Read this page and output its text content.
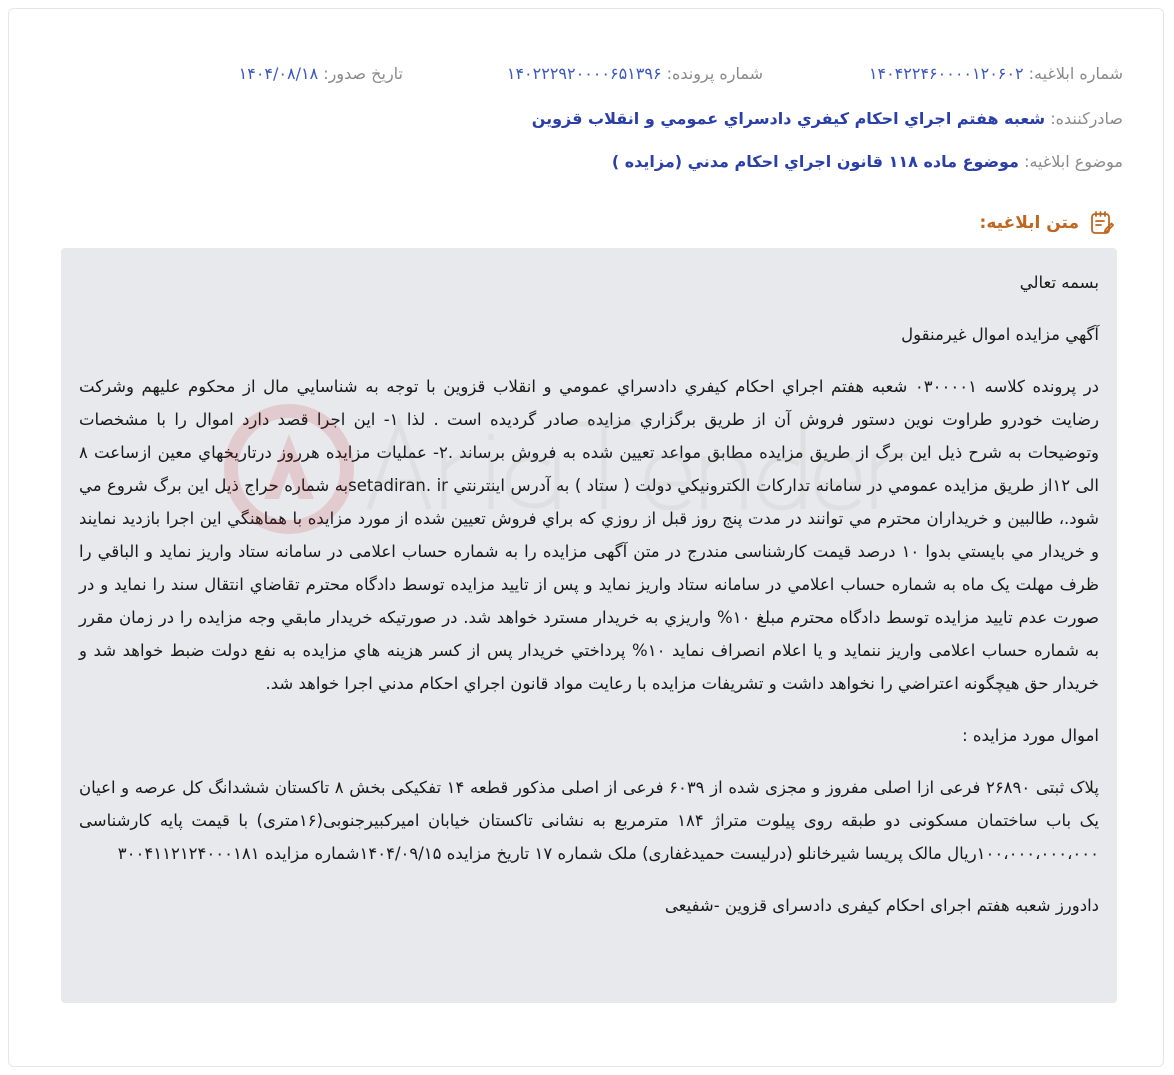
شماره ابلاغيه: ۱۴۰۴۲۲۴۶۰۰۰۰۱۲۰۶۰۲
شماره پرونده: ۱۴۰۲۲۲۹۲۰۰۰۰۶۵۱۳۹۶
تاريخ صدور: ۱۴۰۴/۰۸/۱۸
صادرکننده: شعبه هفتم اجراي احکام کيفري دادسراي عمومي و انقلاب قزوين
موضوع ابلاغيه: موضوع ماده ۱۱۸ قانون اجراي احکام مدني (مزايده )
متن ابلاغيه:

بسمه تعالي

آگهي مزايده اموال غيرمنقول

در پرونده کلاسه ۰۳۰۰۰۰۱ شعبه هفتم اجراي احکام کيفري دادسراي عمومي و انقلاب قزوين با توجه به شناسايي مال از محکوم عليهم وشرکت رضايت خودرو طراوت نوين دستور فروش آن از طريق برگزاري مزايده صادر گرديده است . لذا ۱- اين اجرا قصد دارد اموال را با مشخصات وتوضيحات به شرح ذيل اين برگ از طريق مزايده مطابق مواعد تعيين شده به فروش برساند .۲- عمليات مزايده هرروز درتاريخهاي معين ازساعت ۸ الی ۱۲از طريق مزايده عمومي در سامانه تدارکات الکترونيکي دولت ( ستاد ) به آدرس اينترنتي setadiran. irبه شماره حراج ذيل اين برگ شروع مي شود.، طالبين و خريداران محترم مي توانند در مدت پنج روز قبل از روزي که براي فروش تعيين شده از مورد مزايده با هماهنگي اين اجرا بازديد نمايند و خريدار مي بايستي بدوا ۱۰ درصد قيمت کارشناسی مندرج در متن آگهی مزايده را به شماره حساب اعلامی در سامانه ستاد واريز نمايد و الباقي را ظرف مهلت يک ماه به شماره حساب اعلامي در سامانه ستاد واريز نمايد و پس از تاييد مزايده توسط دادگاه محترم تقاضاي انتقال سند را نمايد و در صورت عدم تاييد مزايده توسط دادگاه محترم مبلغ ۱۰% واريزي به خريدار مسترد خواهد شد. در صورتيکه خريدار مابقي وجه مزايده را در زمان مقرر به شماره حساب اعلامی واريز ننمايد و يا اعلام انصراف نمايد ۱۰% پرداختي خريدار پس از کسر هزينه هاي مزايده به نفع دولت ضبط خواهد شد و خريدار حق هيچگونه اعتراضي را نخواهد داشت و تشريفات مزايده با رعايت مواد قانون اجراي احکام مدني اجرا خواهد شد.

اموال مورد مزايده :

پلاک ثبتی ۲۶۸۹۰ فرعی ازا اصلی مفروز و مجزی شده از ۶۰۳۹ فرعی از اصلی مذکور قطعه ۱۴ تفکیکی بخش ۸ تاکستان ششدانگ کل عرصه و اعیان یک باب ساختمان مسکونی دو طبقه روی پیلوت متراژ ۱۸۴ مترمربع به نشانی تاکستان خیابان امیرکبیرجنوبی(۱۶متری) با قیمت پایه کارشناسی ۱۰۰،۰۰۰،۰۰۰،۰۰۰ریال مالک پریسا شیرخانلو (درلیست حمیدغفاری) ملک شماره ۱۷ تاریخ مزایده ۱۴۰۴/۰۹/۱۵شماره مزایده ۳۰۰۴۱۱۲۱۲۴۰۰۰۱۸۱

دادورز شعبه هفتم اجرای احکام کیفری دادسرای قزوین -شفیعی
